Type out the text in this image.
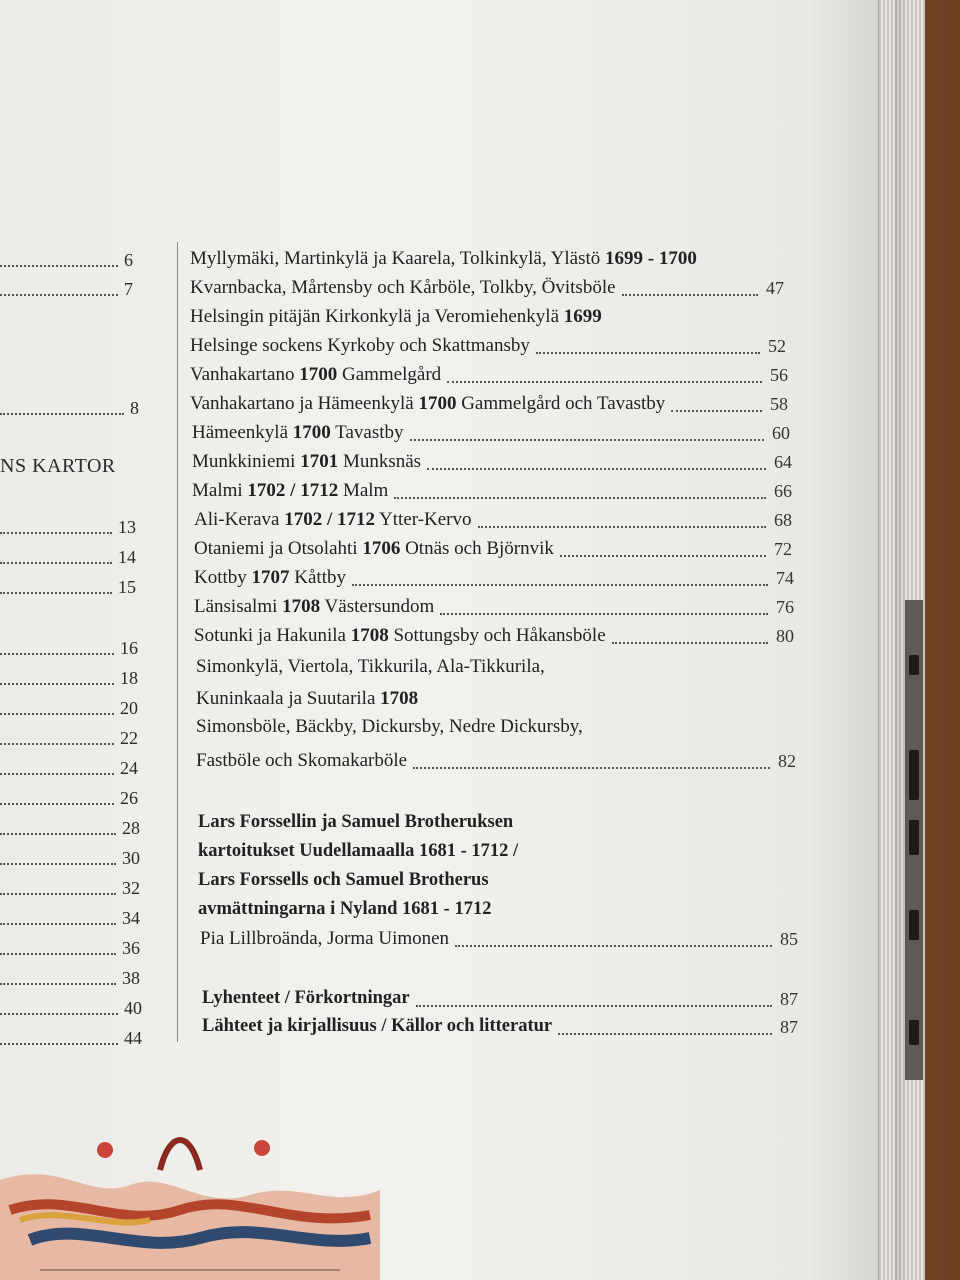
NS KARTOR
6
7
8
13
14
15
16
18
20
22
24
26
28
30
32
34
36
38
40
44
Myllymäki, Martinkylä ja Kaarela, Tolkinkylä, Ylästö 1699 - 1700
Kvarnbacka, Mårtensby och Kårböle, Tolkby, Övitsböle	47
Helsingin pitäjän Kirkonkylä ja Veromiehenkylä 1699
Helsinge sockens Kyrkoby och Skattmansby	52
Vanhakartano 1700 Gammelgård	56
Vanhakartano ja Hämeenkylä 1700 Gammelgård och Tavastby	58
Hämeenkylä 1700 Tavastby	60
Munkkiniemi 1701 Munksnäs	64
Malmi 1702 / 1712 Malm	66
Ali-Kerava 1702 / 1712 Ytter-Kervo	68
Otaniemi ja Otsolahti 1706 Otnäs och Björnvik	72
Kottby 1707 Kåttby	74
Länsisalmi 1708 Västersundom	76
Sotunki ja Hakunila 1708 Sottungsby och Håkansböle	80
Simonkylä, Viertola, Tikkurila, Ala-Tikkurila,
Kuninkaala ja Suutarila 1708
Simonsböle, Bäckby, Dickursby, Nedre Dickursby,
Fastböle och Skomakarböle	82
Lars Forssellin ja Samuel Brotheruksen
kartoitukset Uudellamaalla 1681 - 1712 /
Lars Forssells och Samuel Brotherus
avmättningarna i Nyland 1681 - 1712
Pia Lillbroända, Jorma Uimonen	85
Lyhenteet / Förkortningar	87
Lähteet ja kirjallisuus / Källor och litteratur	87
